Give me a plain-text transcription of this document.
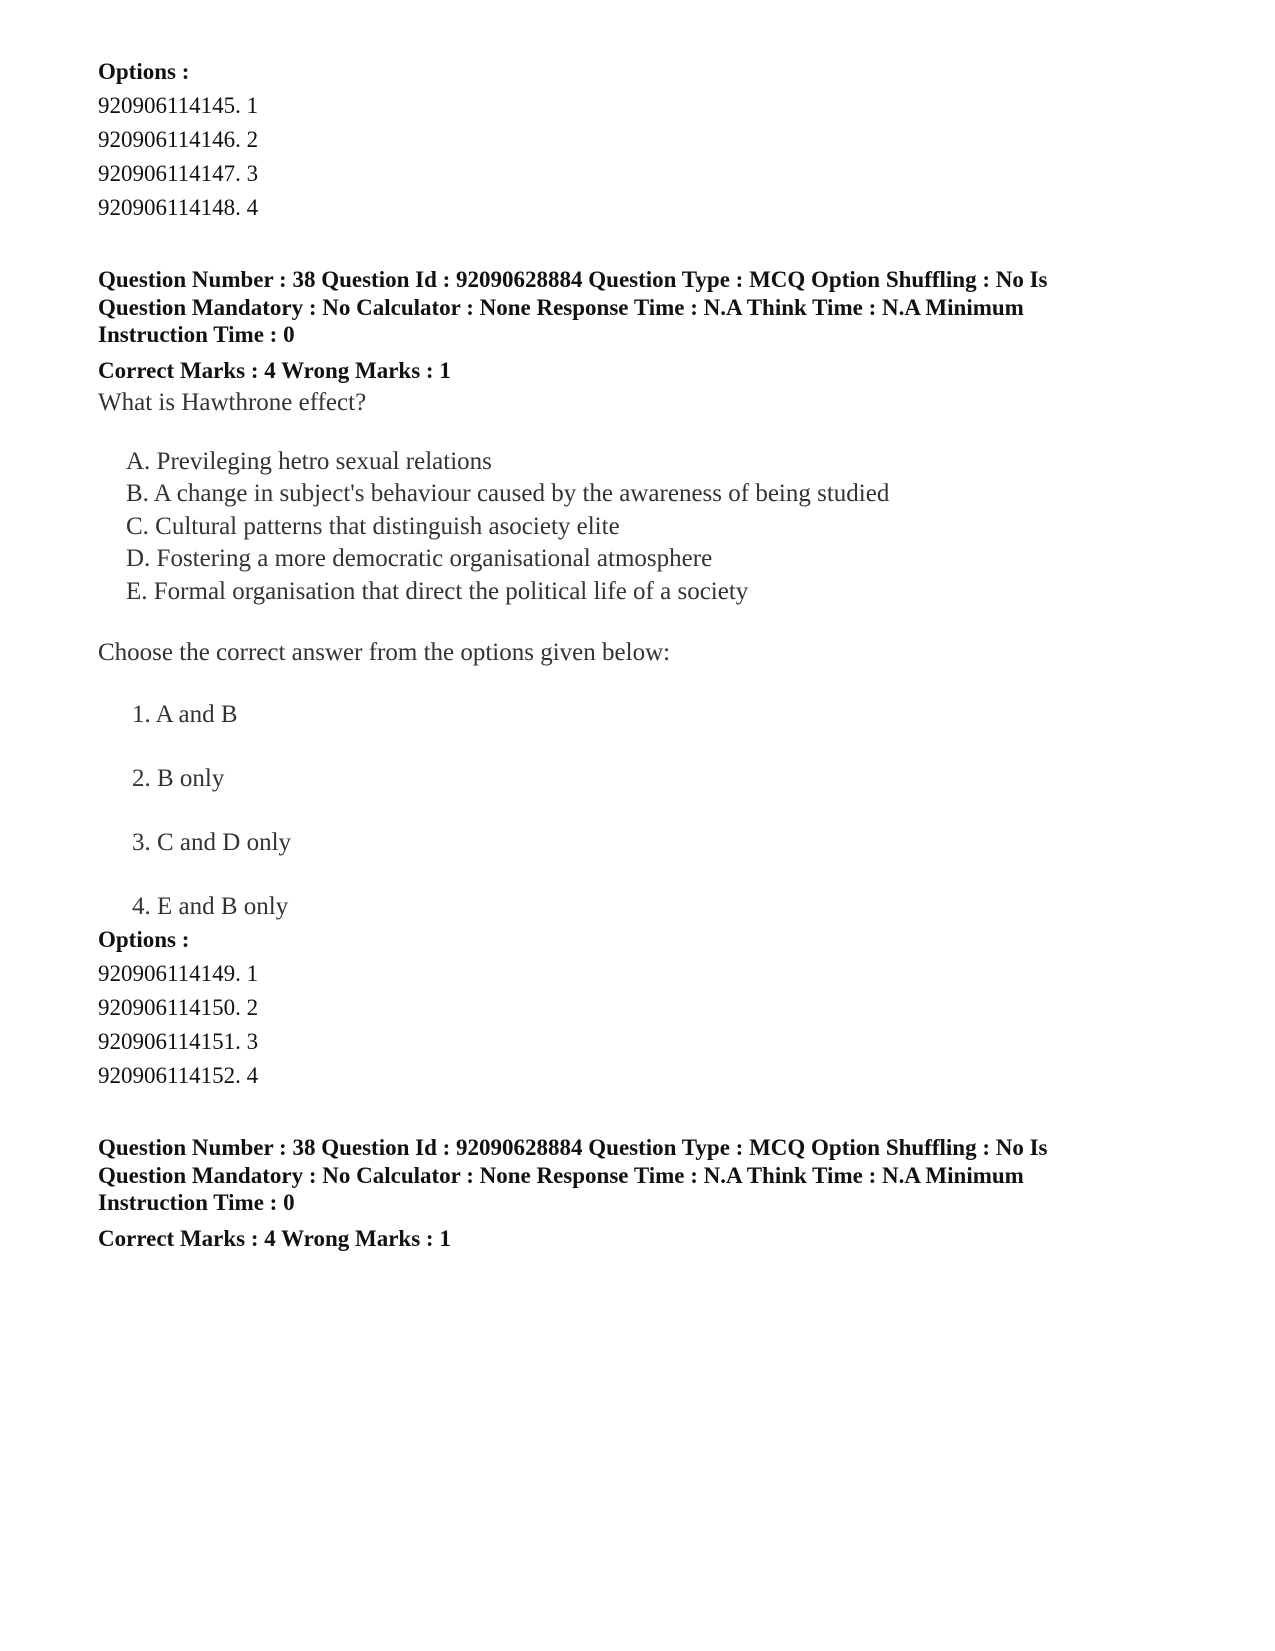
Options :
920906114145. 1
920906114146. 2
920906114147. 3
920906114148. 4
Question Number : 38 Question Id : 92090628884 Question Type : MCQ Option Shuffling : No Is
Question Mandatory : No Calculator : None Response Time : N.A Think Time : N.A Minimum
Instruction Time : 0
Correct Marks : 4 Wrong Marks : 1
What is Hawthrone effect?
A. Previleging hetro sexual relations
B. A change in subject's behaviour caused by the awareness of being studied
C. Cultural patterns that distinguish asociety elite
D. Fostering a more democratic organisational atmosphere
E. Formal organisation that direct the political life of a society
Choose the correct answer from the options given below:
1. A and B
2. B only
3. C and D only
4. E and B only
Options :
920906114149. 1
920906114150. 2
920906114151. 3
920906114152. 4
Question Number : 38 Question Id : 92090628884 Question Type : MCQ Option Shuffling : No Is
Question Mandatory : No Calculator : None Response Time : N.A Think Time : N.A Minimum
Instruction Time : 0
Correct Marks : 4 Wrong Marks : 1
